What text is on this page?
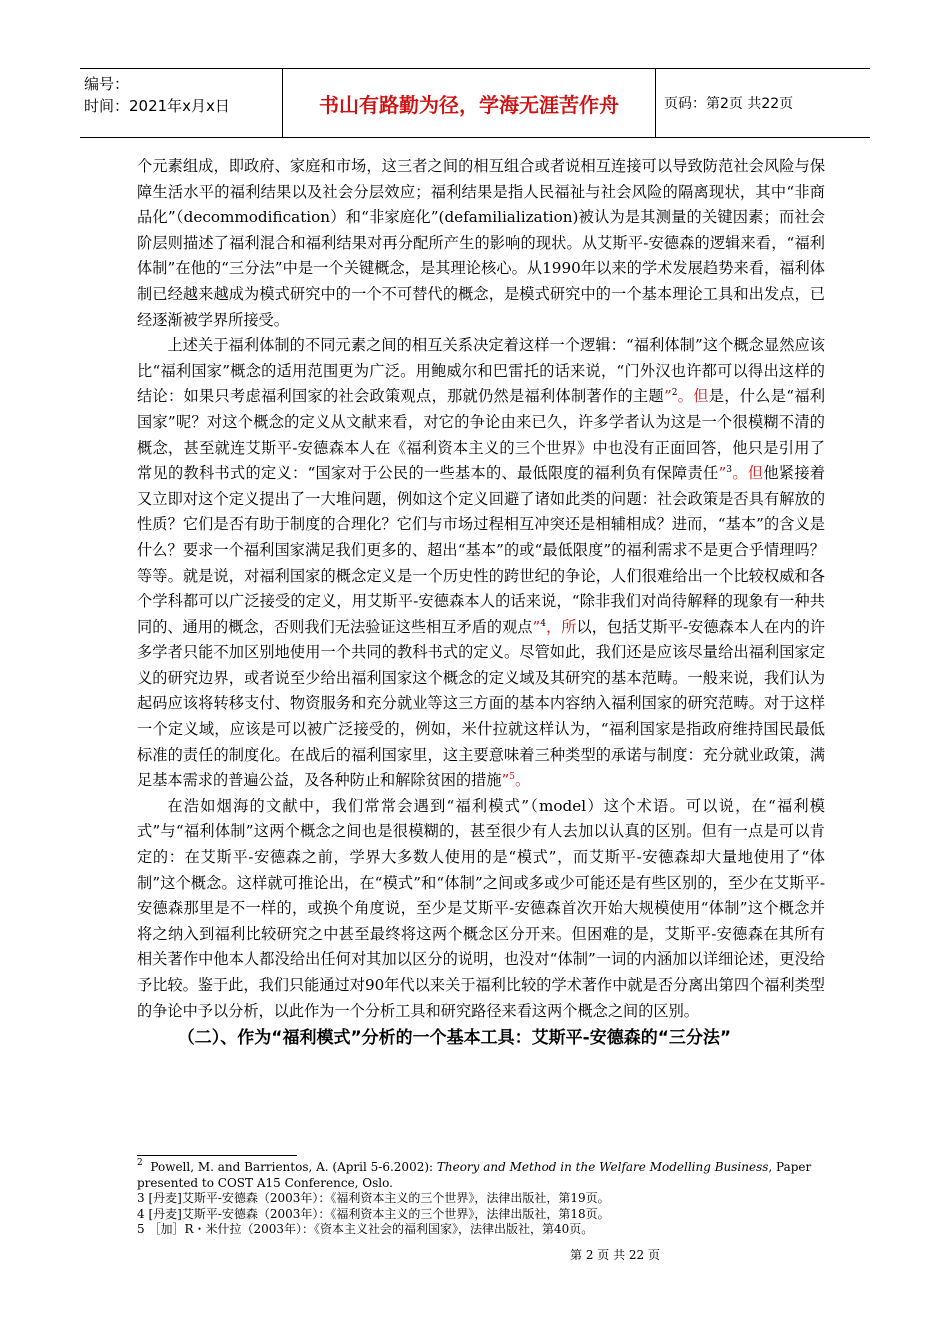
编号：
时间：2021年x月x日	书山有路勤为径，学海无涯苦作舟	页码：第2页 共22页

个元素组成，即政府、家庭和市场，这三者之间的相互组合或者说相互连接可以导致防范社会风险与保障生活水平的福利结果以及社会分层效应；福利结果是指人民福祉与社会风险的隔离现状，其中“非商品化”（decommodification）和“非家庭化”(defamilialization)被认为是其测量的关键因素；而社会阶层则描述了福利混合和福利结果对再分配所产生的影响的现状。从艾斯平-安德森的逻辑来看，“福利体制”在他的“三分法”中是一个关键概念，是其理论核心。从1990年以来的学术发展趋势来看，福利体制已经越来越成为模式研究中的一个不可替代的概念，是模式研究中的一个基本理论工具和出发点，已经逐渐被学界所接受。

上述关于福利体制的不同元素之间的相互关系决定着这样一个逻辑：“福利体制”这个概念显然应该比“福利国家”概念的适用范围更为广泛。用鲍威尔和巴雷托的话来说，“门外汉也许都可以得出这样的结论：如果只考虑福利国家的社会政策观点，那就仍然是福利体制著作的主题”$^2$。但是，什么是“福利国家”呢？对这个概念的定义从文献来看，对它的争论由来已久，许多学者认为这是一个很模糊不清的概念，甚至就连艾斯平-安德森本人在《福利资本主义的三个世界》中也没有正面回答，他只是引用了常见的教科书式的定义：“国家对于公民的一些基本的、最低限度的福利负有保障责任”$^3$。但他紧接着又立即对这个定义提出了一大堆问题，例如这个定义回避了诸如此类的问题：社会政策是否具有解放的性质？它们是否有助于制度的合理化？它们与市场过程相互冲突还是相辅相成？进而，“基本”的含义是什么？要求一个福利国家满足我们更多的、超出“基本”的或“最低限度”的福利需求不是更合乎情理吗？等等。就是说，对福利国家的概念定义是一个历史性的跨世纪的争论，人们很难给出一个比较权威和各个学科都可以广泛接受的定义，用艾斯平-安德森本人的话来说，“除非我们对尚待解释的现象有一种共同的、通用的概念，否则我们无法验证这些相互矛盾的观点”$^4$，所以，包括艾斯平-安德森本人在内的许多学者只能不加区别地使用一个共同的教科书式的定义。尽管如此，我们还是应该尽量给出福利国家定义的研究边界，或者说至少给出福利国家这个概念的定义域及其研究的基本范畴。一般来说，我们认为起码应该将转移支付、物资服务和充分就业等这三方面的基本内容纳入福利国家的研究范畴。对于这样一个定义域，应该是可以被广泛接受的，例如，米什拉就这样认为，“福利国家是指政府维持国民最低标准的责任的制度化。在战后的福利国家里，这主要意味着三种类型的承诺与制度：充分就业政策，满足基本需求的普遍公益，及各种防止和解除贫困的措施”$^5$。

在浩如烟海的文献中，我们常常会遇到“福利模式”（model）这个术语。可以说，在“福利模式”与“福利体制”这两个概念之间也是很模糊的，甚至很少有人去加以认真的区别。但有一点是可以肯定的：在艾斯平-安德森之前，学界大多数人使用的是“模式”，而艾斯平-安德森却大量地使用了“体制”这个概念。这样就可推论出，在“模式”和“体制”之间或多或少可能还是有些区别的，至少在艾斯平-安德森那里是不一样的，或换个角度说，至少是艾斯平-安德森首次开始大规模使用“体制”这个概念并将之纳入到福利比较研究之中甚至最终将这两个概念区分开来。但困难的是，艾斯平-安德森在其所有相关著作中他本人都没给出任何对其加以区分的说明，也没对“体制”一词的内涵加以详细论述，更没给予比较。鉴于此，我们只能通过对90年代以来关于福利比较的学术著作中就是否分离出第四个福利类型的争论中予以分析，以此作为一个分析工具和研究路径来看这两个概念之间的区别。

（二）、作为“福利模式”分析的一个基本工具：艾斯平-安德森的“三分法”

$^2$ Powell, M. and Barrientos, A. (April 5-6.2002): Theory and Method in the Welfare Modelling Business, Paper presented to COST A15 Conference, Oslo.
3 [丹麦]艾斯平-安德森（2003年）：《福利资本主义的三个世界》，法律出版社，第19页。
4 [丹麦]艾斯平-安德森（2003年）：《福利资本主义的三个世界》，法律出版社，第18页。
5 ［加］R・米什拉（2003年）：《资本主义社会的福利国家》，法律出版社，第40页。
第 2 页 共 22 页
